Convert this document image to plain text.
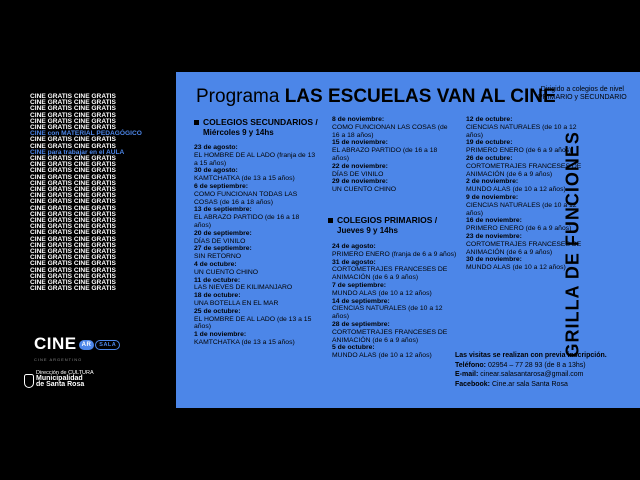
CINE GRATIS CINE GRATIS
CINE GRATIS CINE GRATIS
CINE GRATIS CINE GRATIS
CINE GRATIS CINE GRATIS
CINE GRATIS CINE GRATIS
CINE GRATIS CINE GRATIS
CINE con MATERIAL PEDAGÓGICO
CINE GRATIS CINE GRATIS
CINE GRATIS CINE GRATIS
CINE para trabajar en el AULA
CINE GRATIS CINE GRATIS
CINE GRATIS CINE GRATIS
CINE GRATIS CINE GRATIS
CINE GRATIS CINE GRATIS
CINE GRATIS CINE GRATIS
CINE GRATIS CINE GRATIS
CINE GRATIS CINE GRATIS
CINE GRATIS CINE GRATIS
CINE GRATIS CINE GRATIS
CINE GRATIS CINE GRATIS
CINE GRATIS CINE GRATIS
CINE GRATIS CINE GRATIS
CINE GRATIS CINE GRATIS
CINE GRATIS CINE GRATIS
CINE GRATIS CINE GRATIS
CINE GRATIS CINE GRATIS
CINE GRATIS CINE GRATIS
CINE GRATIS CINE GRATIS
CINE GRATIS CINE GRATIS
CINE GRATIS CINE GRATIS
CINE GRATIS CINE GRATIS
CINE GRATIS CINE GRATIS
CINE AR SALA
CINE ARGENTINO
Dirección de CULTURA
Municipalidad
de Santa Rosa
Programa LAS ESCUELAS VAN AL CINE
Dirigido a colegios de nivel
PRIMARIO y SECUNDARIO
COLEGIOS SECUNDARIOS /
Miércoles 9 y 14hs
23 de agosto:
EL HOMBRE DE AL LADO (franja de 13 a 15 años)
30 de agosto:
KAMTCHATKA (de 13 a 15 años)
6 de septiembre:
COMO FUNCIONAN TODAS LAS COSAS (de 16 a 18 años)
13 de septiembre:
EL ABRAZO PARTIDO (de 16 a 18 años)
20 de septiembre:
DÍAS DE VINILO
27 de septiembre:
SIN RETORNO
4 de octubre:
UN CUENTO CHINO
11 de octubre:
LAS NIEVES DE KILIMANJARO
18 de octubre:
UNA BOTELLA EN EL MAR
25 de octubre:
EL HOMBRE DE AL LADO (de 13 a 15 años)
1 de noviembre:
KAMTCHATKA (de 13 a 15 años)
8 de noviembre:
COMO FUNCIONAN LAS COSAS (de 16 a 18 años)
15 de noviembre:
EL ABRAZO PARTIDO (de 16 a 18 años)
22 de noviembre:
DÍAS DE VINILO
29 de noviembre:
UN CUENTO CHINO
COLEGIOS PRIMARIOS /
Jueves 9 y 14hs
24 de agosto:
PRIMERO ENERO (franja de 6 a 9 años)
31 de agosto:
CORTOMETRAJES FRANCESES DE ANIMACIÓN (de 6 a 9 años)
7 de septiembre:
MUNDO ALAS (de 10 a 12 años)
14 de septiembre:
CIENCIAS NATURALES (de 10 a 12 años)
28 de septiembre:
CORTOMETRAJES FRANCESES DE ANIMACIÓN (de 6 a 9 años)
5 de octubre:
MUNDO ALAS (de 10 a 12 años)
12 de octubre:
CIENCIAS NATURALES (de 10 a 12 años)
19 de octubre:
PRIMERO ENERO (de 6 a 9 años)
26 de octubre:
CORTOMETRAJES FRANCESES DE ANIMACIÓN (de 6 a 9 años)
2 de noviembre:
MUNDO ALAS (de 10 a 12 años)
9 de noviembre:
CIENCIAS NATURALES (de 10 a 12 años)
16 de noviembre:
PRIMERO ENERO (de 6 a 9 años)
23 de noviembre:
CORTOMETRAJES FRANCESES DE ANIMACIÓN (de 6 a 9 años)
30 de noviembre:
MUNDO ALAS (de 10 a 12 años)
GRILLA DE FUNCIONES
Las visitas se realizan con previa inscripción.
Teléfono: 02954 – 77 28 93 (de 8 a 13hs)
E-mail: cinear.salasantarosa@gmail.com
Facebook: Cine.ar sala Santa Rosa
